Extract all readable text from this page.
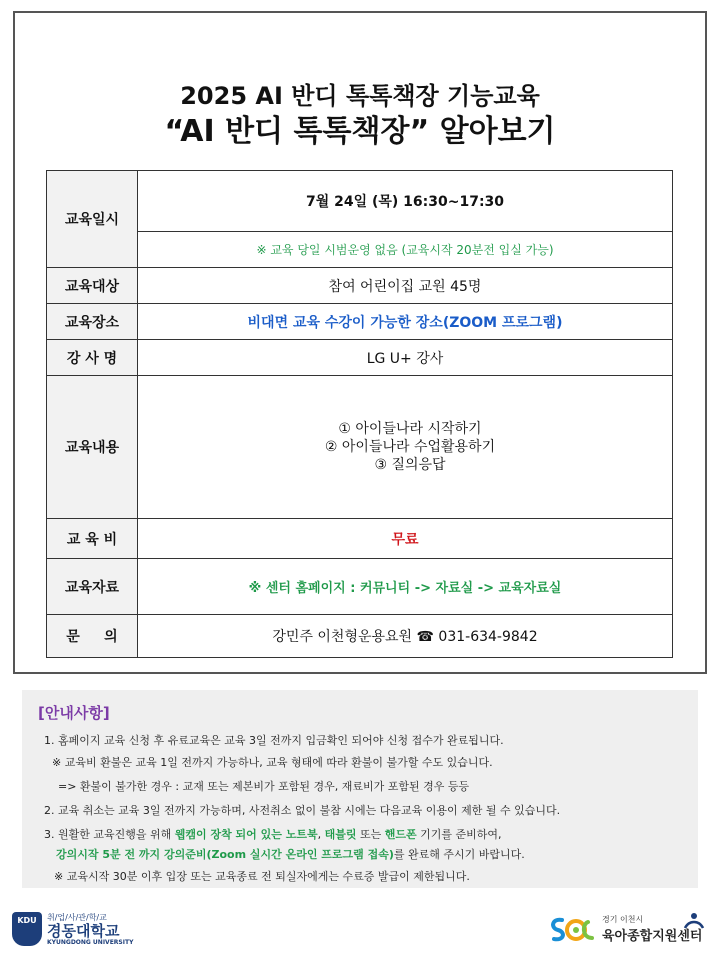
2025 AI 반디 톡톡책장 기능교육
“AI 반디 톡톡책장” 알아보기
교육일시	7월 24일 (목) 16:30~17:30
	※ 교육 당일 시범운영 없음 (교육시작 20분전 입실 가능)
교육대상	참여 어린이집 교원 45명
교육장소	비대면 교육 수강이 가능한 장소(ZOOM 프로그램)
강 사 명	LG U+ 강사
교육내용	① 아이들나라 시작하기
② 아이들나라 수업활용하기
③ 질의응답

교 육 비	무료
교육자료	※ 센터 홈페이지 : 커뮤니티 -> 자료실 -> 교육자료실
문     의	강민주 이천형운용요원 ☎ 031-634-9842
[안내사항]
1. 홈페이지 교육 신청 후 유료교육은 교육 3일 전까지 입금확인 되어야 신청 접수가 완료됩니다.
※ 교육비 환불은 교육 1일 전까지 가능하나, 교육 형태에 따라 환불이 불가할 수도 있습니다.
=> 환불이 불가한 경우 : 교재 또는 제본비가 포함된 경우, 재료비가 포함된 경우 등등
2. 교육 취소는 교육 3일 전까지 가능하며, 사전취소 없이 불참 시에는 다음교육 이용이 제한 될 수 있습니다.
3. 원활한 교육진행을 위해 웹캠이 장착 되어 있는 노트북, 태블릿 또는 핸드폰 기기를 준비하여,
강의시작 5분 전 까지 강의준비(Zoom 실시간 온라인 프로그램 접속)를 완료해 주시기 바랍니다.
※ 교육시작 30분 이후 입장 또는 교육종료 전 퇴실자에게는 수료증 발급이 제한됩니다.
KDU	취/업/사/관/학/교
경동대학교
KYUNGDONG UNIVERSITY
경기 이천시
육아종합지원센터
